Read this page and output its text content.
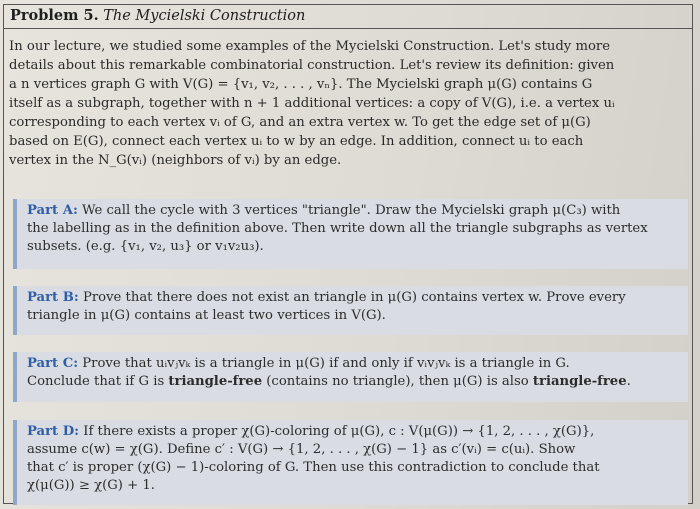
Problem 5. The Mycielski Construction
In our lecture, we studied some examples of the Mycielski Construction. Let's study more
details about this remarkable combinatorial construction. Let's review its definition: given
a n vertices graph G with V(G) = {v₁, v₂, . . . , vₙ}. The Mycielski graph μ(G) contains G
itself as a subgraph, together with n + 1 additional vertices: a copy of V(G), i.e. a vertex uᵢ
corresponding to each vertex vᵢ of G, and an extra vertex w. To get the edge set of μ(G)
based on E(G), connect each vertex uᵢ to w by an edge. In addition, connect uᵢ to each
vertex in the N_G(vᵢ) (neighbors of vᵢ) by an edge.
Part A: We call the cycle with 3 vertices "triangle". Draw the Mycielski graph μ(C₃) with
the labelling as in the definition above. Then write down all the triangle subgraphs as vertex
subsets. (e.g. {v₁, v₂, u₃} or v₁v₂u₃).
Part B: Prove that there does not exist an triangle in μ(G) contains vertex w. Prove every
triangle in μ(G) contains at least two vertices in V(G).
Part C: Prove that uᵢvⱼvₖ is a triangle in μ(G) if and only if vᵢvⱼvₖ is a triangle in G.
Conclude that if G is triangle-free (contains no triangle), then μ(G) is also triangle-free.
Part D: If there exists a proper χ(G)-coloring of μ(G), c : V(μ(G)) → {1, 2, . . . , χ(G)},
assume c(w) = χ(G). Define c′ : V(G) → {1, 2, . . . , χ(G) − 1} as c′(vᵢ) = c(uᵢ). Show
that c′ is proper (χ(G) − 1)-coloring of G. Then use this contradiction to conclude that
χ(μ(G)) ≥ χ(G) + 1.
